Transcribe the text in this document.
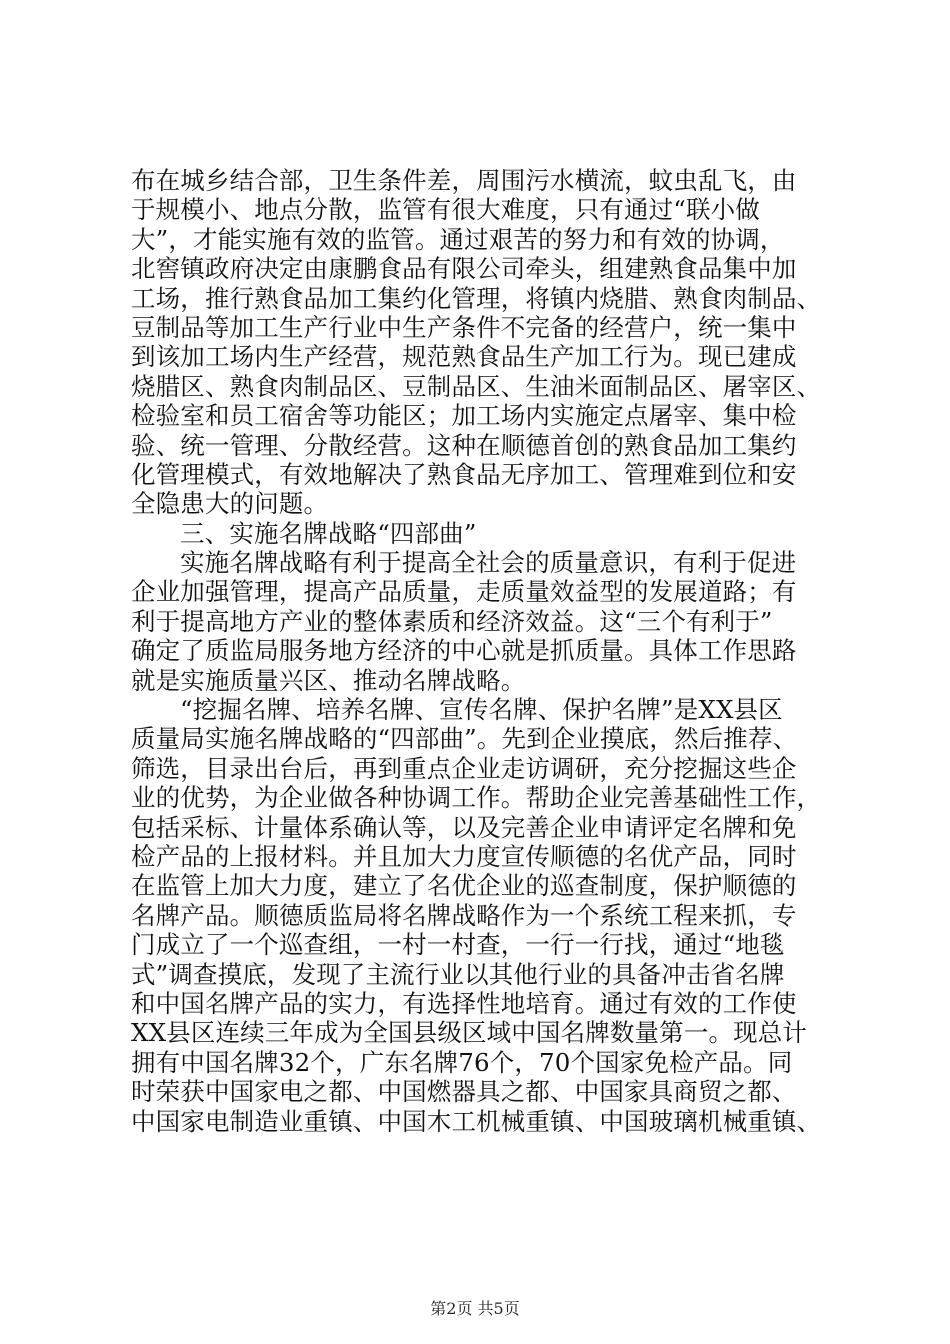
布在城乡结合部，卫生条件差，周围污水横流，蚊虫乱飞，由
于规模小、地点分散，监管有很大难度，只有通过“联小做
大”，才能实施有效的监管。通过艰苦的努力和有效的协调，
北窖镇政府决定由康鹏食品有限公司牵头，组建熟食品集中加
工场，推行熟食品加工集约化管理，将镇内烧腊、熟食肉制品、
豆制品等加工生产行业中生产条件不完备的经营户，统一集中
到该加工场内生产经营，规范熟食品生产加工行为。现已建成
烧腊区、熟食肉制品区、豆制品区、生油米面制品区、屠宰区、
检验室和员工宿舍等功能区；加工场内实施定点屠宰、集中检
验、统一管理、分散经营。这种在顺德首创的熟食品加工集约
化管理模式，有效地解决了熟食品无序加工、管理难到位和安
全隐患大的问题。
三、实施名牌战略“四部曲”
实施名牌战略有利于提高全社会的质量意识，有利于促进
企业加强管理，提高产品质量，走质量效益型的发展道路；有
利于提高地方产业的整体素质和经济效益。这“三个有利于”
确定了质监局服务地方经济的中心就是抓质量。具体工作思路
就是实施质量兴区、推动名牌战略。
“挖掘名牌、培养名牌、宣传名牌、保护名牌”是XX县区
质量局实施名牌战略的“四部曲”。先到企业摸底，然后推荐、
筛选，目录出台后，再到重点企业走访调研，充分挖掘这些企
业的优势，为企业做各种协调工作。帮助企业完善基础性工作，
包括采标、计量体系确认等，以及完善企业申请评定名牌和免
检产品的上报材料。并且加大力度宣传顺德的名优产品，同时
在监管上加大力度，建立了名优企业的巡查制度，保护顺德的
名牌产品。顺德质监局将名牌战略作为一个系统工程来抓，专
门成立了一个巡查组，一村一村查，一行一行找，通过“地毯
式”调查摸底，发现了主流行业以其他行业的具备冲击省名牌
和中国名牌产品的实力，有选择性地培育。通过有效的工作使
XX县区连续三年成为全国县级区域中国名牌数量第一。现总计
拥有中国名牌32个，广东名牌76个，70个国家免检产品。同
时荣获中国家电之都、中国燃器具之都、中国家具商贸之都、
中国家电制造业重镇、中国木工机械重镇、中国玻璃机械重镇、
第2页 共5页
